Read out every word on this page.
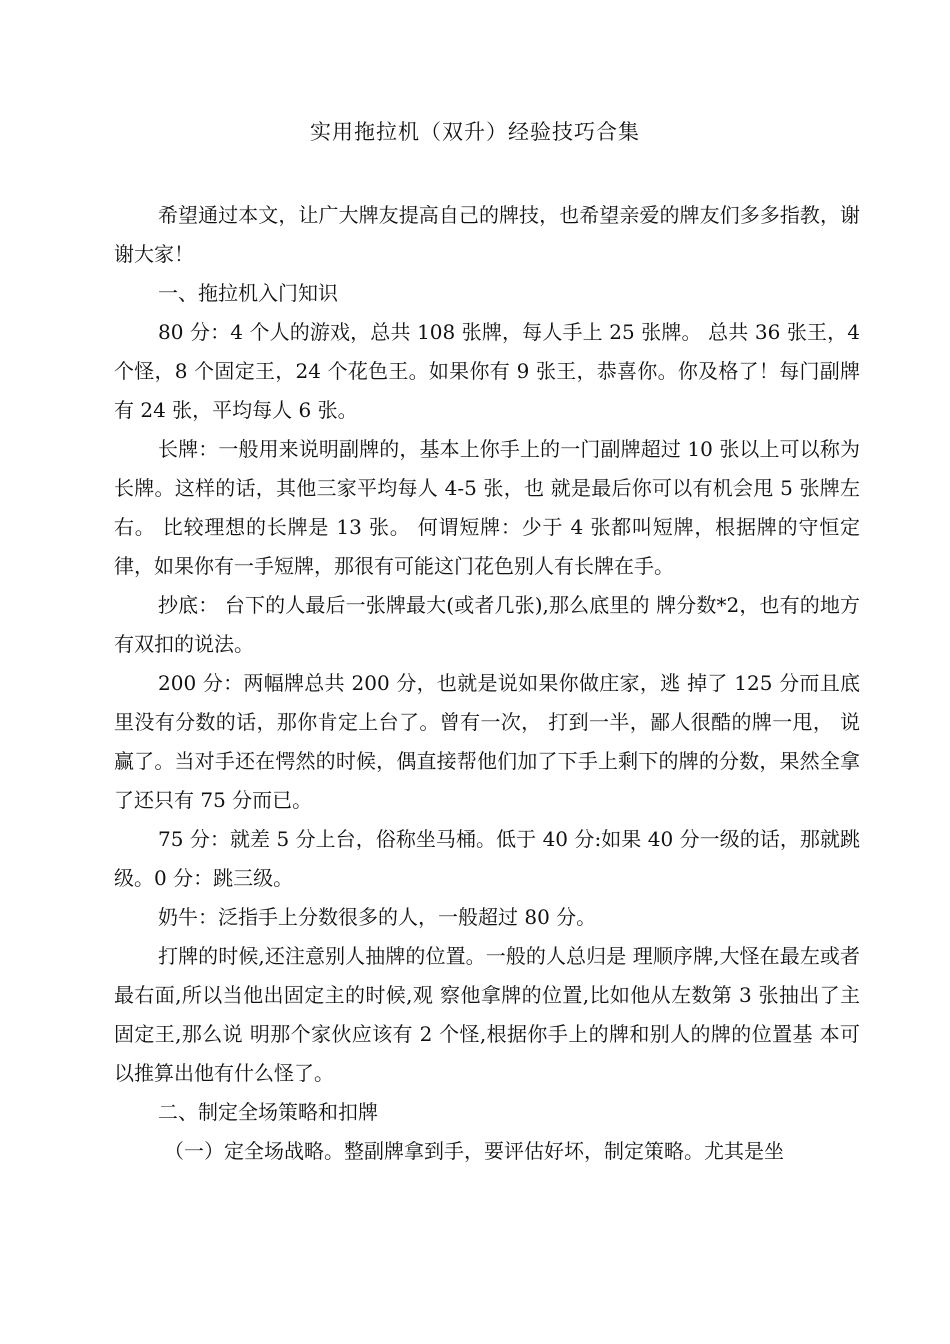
实用拖拉机（双升）经验技巧合集

希望通过本文，让广大牌友提高自己的牌技，也希望亲爱的牌友们多多指教，谢谢大家！

一、拖拉机入门知识

80 分：4 个人的游戏，总共 108 张牌，每人手上 25 张牌。 总共 36 张王，4 个怪，8 个固定王，24 个花色王。如果你有 9 张王，恭喜你。你及格了！每门副牌有 24 张，平均每人 6 张。

长牌：一般用来说明副牌的，基本上你手上的一门副牌超过 10 张以上可以称为长牌。这样的话，其他三家平均每人 4-5 张，也 就是最后你可以有机会甩 5 张牌左右。 比较理想的长牌是 13 张。 何谓短牌：少于 4 张都叫短牌，根据牌的守恒定律，如果你有一手短牌，那很有可能这门花色别人有长牌在手。

抄底： 台下的人最后一张牌最大(或者几张),那么底里的 牌分数*2，也有的地方有双扣的说法。

200 分：两幅牌总共 200 分，也就是说如果你做庄家，逃 掉了 125 分而且底里没有分数的话，那你肯定上台了。曾有一次， 打到一半，鄙人很酷的牌一甩， 说赢了。当对手还在愕然的时候，偶直接帮他们加了下手上剩下的牌的分数，果然全拿了还只有 75 分而已。

75 分：就差 5 分上台，俗称坐马桶。低于 40 分:如果 40 分一级的话，那就跳级。0 分：跳三级。

奶牛：泛指手上分数很多的人，一般超过 80 分。

打牌的时候,还注意别人抽牌的位置。一般的人总归是 理顺序牌,大怪在最左或者最右面,所以当他出固定主的时候,观 察他拿牌的位置,比如他从左数第 3 张抽出了主固定王,那么说 明那个家伙应该有 2 个怪,根据你手上的牌和别人的牌的位置基 本可以推算出他有什么怪了。

二、制定全场策略和扣牌

（一）定全场战略。整副牌拿到手，要评估好坏，制定策略。尤其是坐
